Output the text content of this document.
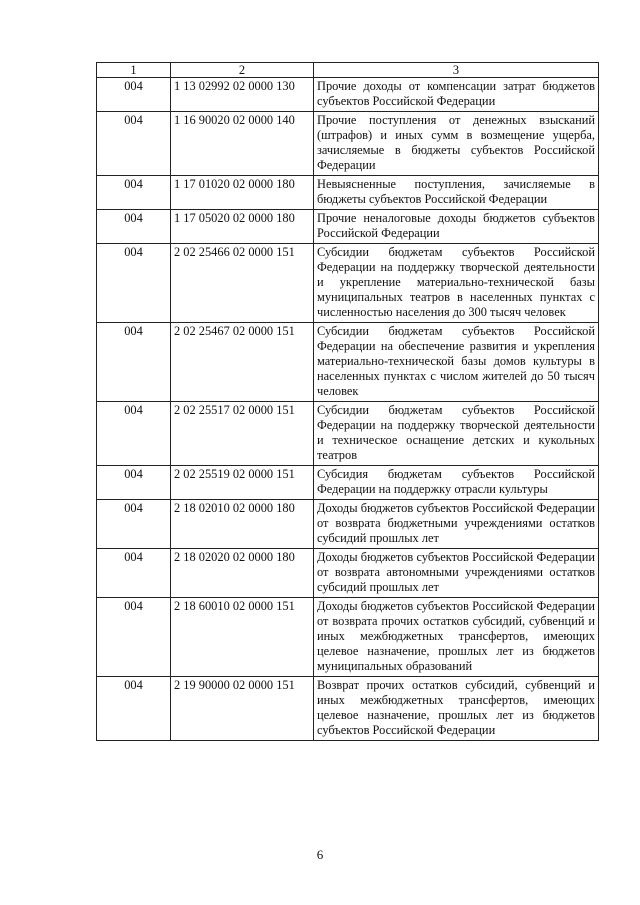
1	2	3
004	1 13 02992 02 0000 130	Прочие доходы от компенсации затрат бюджетов субъектов Российской Федерации
004	1 16 90020 02 0000 140	Прочие поступления от денежных взысканий (штрафов) и иных сумм в возмещение ущерба, зачисляемые в бюджеты субъектов Российской Федерации
004	1 17 01020 02 0000 180	Невыясненные поступления, зачисляемые в бюджеты субъектов Российской Федерации
004	1 17 05020 02 0000 180	Прочие неналоговые доходы бюджетов субъектов Российской Федерации
004	2 02 25466 02 0000 151	Субсидии бюджетам субъектов Российской Федерации на поддержку творческой деятельности и укрепление материально-технической базы муниципальных театров в населенных пунктах с численностью населения до 300 тысяч человек
004	2 02 25467 02 0000 151	Субсидии бюджетам субъектов Российской Федерации на обеспечение развития и укрепления материально-технической базы домов культуры в населенных пунктах с числом жителей до 50 тысяч человек
004	2 02 25517 02 0000 151	Субсидии бюджетам субъектов Российской Федерации на поддержку творческой деятельности и техническое оснащение детских и кукольных театров
004	2 02 25519 02 0000 151	Субсидия бюджетам субъектов Российской Федерации на поддержку отрасли культуры
004	2 18 02010 02 0000 180	Доходы бюджетов субъектов Российской Федерации от возврата бюджетными учреждениями остатков субсидий прошлых лет
004	2 18 02020 02 0000 180	Доходы бюджетов субъектов Российской Федерации от возврата автономными учреждениями остатков субсидий прошлых лет
004	2 18 60010 02 0000 151	Доходы бюджетов субъектов Российской Федерации от возврата прочих остатков субсидий, субвенций и иных межбюджетных трансфертов, имеющих целевое назначение, прошлых лет из бюджетов муниципальных образований
004	2 19 90000 02 0000 151	Возврат прочих остатков субсидий, субвенций и иных межбюджетных трансфертов, имеющих целевое назначение, прошлых лет из бюджетов субъектов Российской Федерации
6
